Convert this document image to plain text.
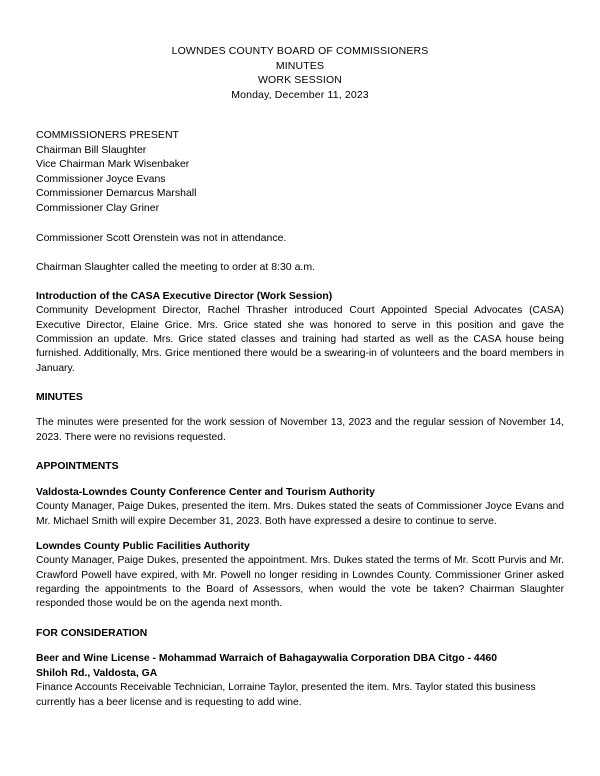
LOWNDES COUNTY BOARD OF COMMISSIONERS
MINUTES
WORK SESSION
Monday, December 11, 2023
COMMISSIONERS PRESENT
Chairman Bill Slaughter
Vice Chairman Mark Wisenbaker
Commissioner Joyce Evans
Commissioner Demarcus Marshall
Commissioner Clay Griner
Commissioner Scott Orenstein was not in attendance.
Chairman Slaughter called the meeting to order at 8:30 a.m.
Introduction of the CASA Executive Director (Work Session)
Community Development Director, Rachel Thrasher introduced Court Appointed Special Advocates (CASA) Executive Director, Elaine Grice. Mrs. Grice stated she was honored to serve in this position and gave the Commission an update. Mrs. Grice stated classes and training had started as well as the CASA house being furnished. Additionally, Mrs. Grice mentioned there would be a swearing-in of volunteers and the board members in January.
MINUTES
The minutes were presented for the work session of November 13, 2023 and the regular session of November 14, 2023. There were no revisions requested.
APPOINTMENTS
Valdosta-Lowndes County Conference Center and Tourism Authority
County Manager, Paige Dukes, presented the item. Mrs. Dukes stated the seats of Commissioner Joyce Evans and Mr. Michael Smith will expire December 31, 2023. Both have expressed a desire to continue to serve.
Lowndes County Public Facilities Authority
County Manager, Paige Dukes, presented the appointment. Mrs. Dukes stated the terms of Mr. Scott Purvis and Mr. Crawford Powell have expired, with Mr. Powell no longer residing in Lowndes County. Commissioner Griner asked regarding the appointments to the Board of Assessors, when would the vote be taken? Chairman Slaughter responded those would be on the agenda next month.
FOR CONSIDERATION
Beer and Wine License - Mohammad Warraich of Bahagaywalia Corporation DBA Citgo - 4460
Shiloh Rd., Valdosta, GA
Finance Accounts Receivable Technician, Lorraine Taylor, presented the item. Mrs. Taylor stated this business currently has a beer license and is requesting to add wine.
